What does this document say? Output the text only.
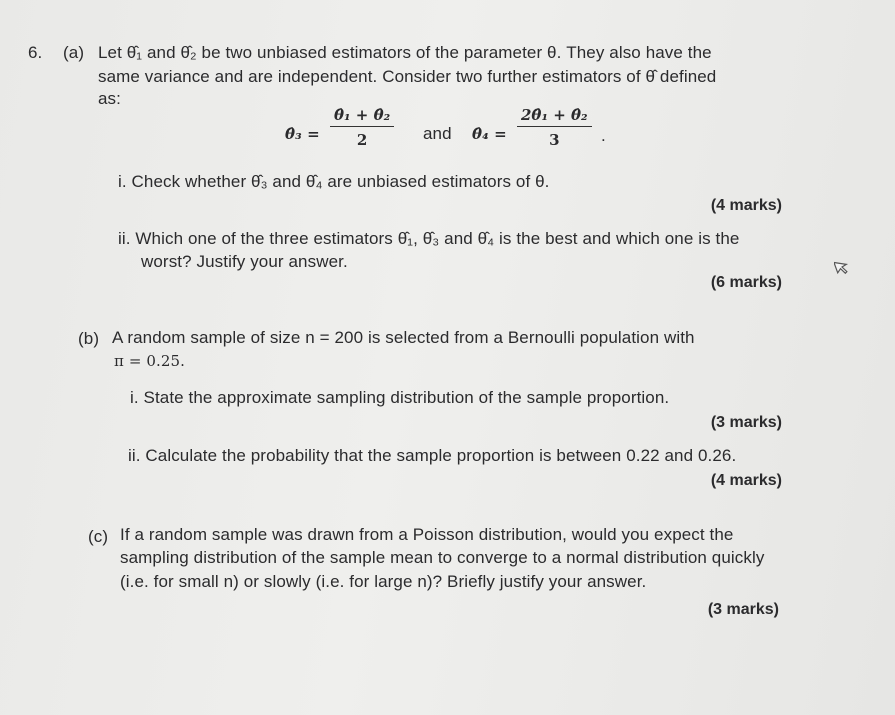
6. (a) Let θ̂₁ and θ̂₂ be two unbiased estimators of the parameter θ. They also have the
same variance and are independent. Consider two further estimators of θ̂ defined
as:
θ̂₃ = $\frac{\text{θ̂₁ + θ̂₂}}{2}$ and θ̂₄ = $\frac{\text{2θ̂₁ + θ̂₂}}{3}$ .
i. Check whether θ̂₃ and θ̂₄ are unbiased estimators of θ.
(4 marks)
ii. Which one of the three estimators θ̂₁, θ̂₃ and θ̂₄ is the best and which one is the
worst? Justify your answer.
(6 marks)
(b) A random sample of size n = 200 is selected from a Bernoulli population with
π = 0.25.
i. State the approximate sampling distribution of the sample proportion.
(3 marks)
ii. Calculate the probability that the sample proportion is between 0.22 and 0.26.
(4 marks)
(c) If a random sample was drawn from a Poisson distribution, would you expect the
sampling distribution of the sample mean to converge to a normal distribution quickly
(i.e. for small n) or slowly (i.e. for large n)? Briefly justify your answer.
(3 marks)
